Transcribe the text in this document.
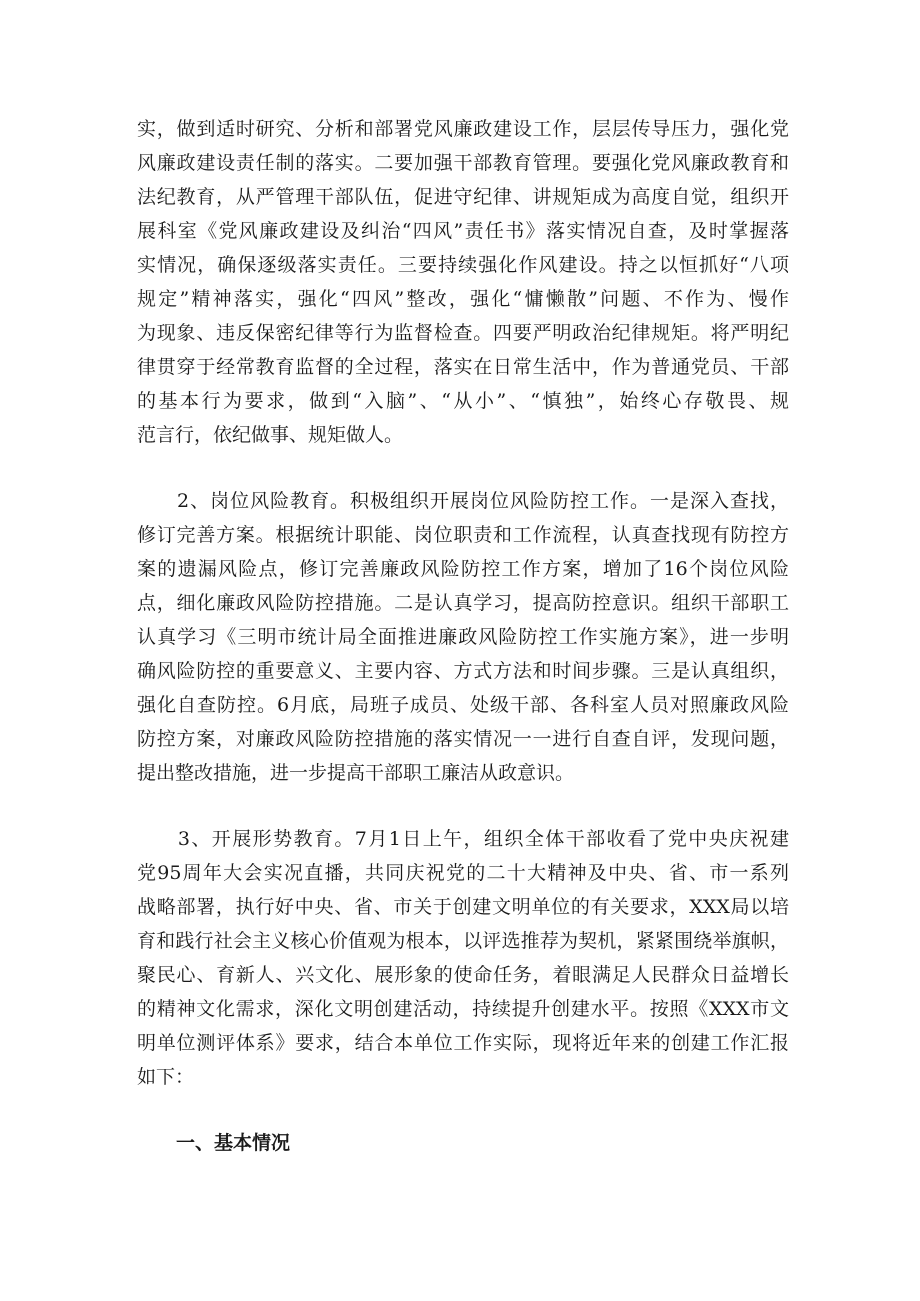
实，做到适时研究、分析和部署党风廉政建设工作，层层传导压力，强化党
风廉政建设责任制的落实。二要加强干部教育管理。要强化党风廉政教育和
法纪教育，从严管理干部队伍，促进守纪律、讲规矩成为高度自觉，组织开
展科室《党风廉政建设及纠治“四风”责任书》落实情况自查，及时掌握落
实情况，确保逐级落实责任。三要持续强化作风建设。持之以恒抓好“八项
规定”精神落实，强化“四风”整改，强化“慵懒散”问题、不作为、慢作
为现象、违反保密纪律等行为监督检查。四要严明政治纪律规矩。将严明纪
律贯穿于经常教育监督的全过程，落实在日常生活中，作为普通党员、干部
的基本行为要求，做到“入脑”、“从小”、“慎独”，始终心存敬畏、规
范言行，依纪做事、规矩做人。

　　2、岗位风险教育。积极组织开展岗位风险防控工作。一是深入查找，
修订完善方案。根据统计职能、岗位职责和工作流程，认真查找现有防控方
案的遗漏风险点，修订完善廉政风险防控工作方案，增加了16个岗位风险
点，细化廉政风险防控措施。二是认真学习，提高防控意识。组织干部职工
认真学习《三明市统计局全面推进廉政风险防控工作实施方案》，进一步明
确风险防控的重要意义、主要内容、方式方法和时间步骤。三是认真组织，
强化自查防控。6月底，局班子成员、处级干部、各科室人员对照廉政风险
防控方案，对廉政风险防控措施的落实情况一一进行自查自评，发现问题，
提出整改措施，进一步提高干部职工廉洁从政意识。

　　3、开展形势教育。7月1日上午，组织全体干部收看了党中央庆祝建
党95周年大会实况直播，共同庆祝党的二十大精神及中央、省、市一系列
战略部署，执行好中央、省、市关于创建文明单位的有关要求，XXX局以培
育和践行社会主义核心价值观为根本，以评选推荐为契机，紧紧围绕举旗帜，
聚民心、育新人、兴文化、展形象的使命任务，着眼满足人民群众日益增长
的精神文化需求，深化文明创建活动，持续提升创建水平。按照《XXX市文
明单位测评体系》要求，结合本单位工作实际，现将近年来的创建工作汇报
如下：

一、基本情况
